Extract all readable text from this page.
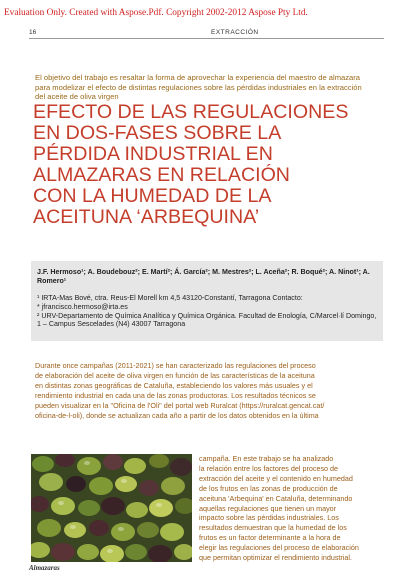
Evaluation Only. Created with Aspose.Pdf. Copyright 2002-2012 Aspose Pty Ltd.
16	EXTRACCIÓN
El objetivo del trabajo es resaltar la forma de aprovechar la experiencia del maestro de almazara para modelizar el efecto de distintas regulaciones sobre las pérdidas industriales en la extracción del aceite de oliva virgen
EFECTO DE LAS REGULACIONES
EN DOS-FASES SOBRE LA
PÉRDIDA INDUSTRIAL EN
ALMAZARAS EN RELACIÓN
CON LA HUMEDAD DE LA
ACEITUNA ‘ARBEQUINA’
J.F. Hermoso¹; A. Boudebouz²; E. Martí²; Á. García²; M. Mestres²; L. Aceña²; R. Boqué²; A. Ninot¹; A. Romero¹
¹ IRTA-Mas Bové, ctra. Reus-El Morell km 4,5 43120-Constantí, Tarragona Contacto:
* jfrancisco.hermoso@irta.es
² URV-Departamento de Química Analítica y Química Orgánica. Facultad de Enología, C/Marcel·lí Domingo, 1 – Campus Sescelades (N4) 43007 Tarragona
Durante once campañas (2011-2021) se han caracterizado las regulaciones del proceso
de elaboración del aceite de oliva virgen en función de las características de la aceituna
en distintas zonas geográficas de Cataluña, estableciendo los valores más usuales y el
rendimiento industrial en cada una de las zonas productoras. Los resultados técnicos se
pueden visualizar en la "Oficina de l'Oli" del portal web Ruralcat (https://ruralcat.gencat.cat/
oficina-de-l-oli), donde se actualizan cada año a partir de los datos obtenidos en la última
campaña. En este trabajo se ha analizado
la relación entre los factores del proceso de
extracción del aceite y el contenido en humedad
de los frutos en las zonas de producción de
aceituna 'Arbequina' en Cataluña, determinando
aquellas regulaciones que tienen un mayor
impacto sobre las pérdidas industriales. Los
resultados demuestran que la humedad de los
frutos es un factor determinante a la hora de
elegir las regulaciones del proceso de elaboración
que permitan optimizar el rendimiento industrial.
Almazaras
